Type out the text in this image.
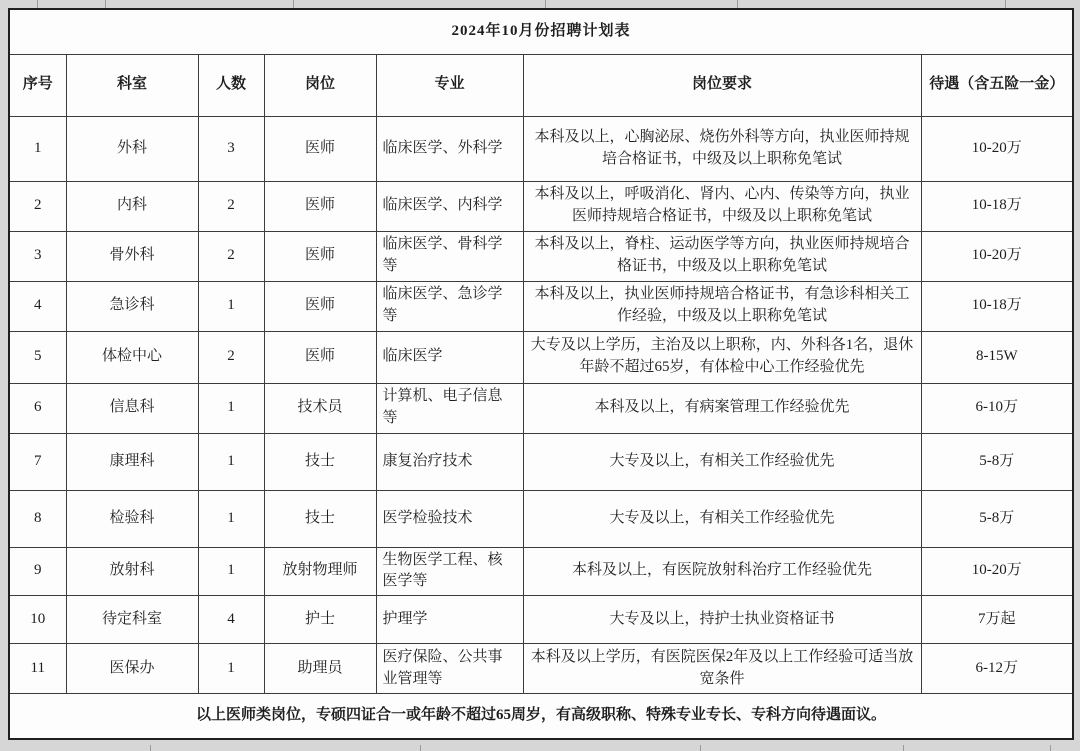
2024年10月份招聘计划表						
序号	科室	人数	岗位	专业	岗位要求	待遇（含五险一金）
1	外科	3	医师	临床医学、外科学	本科及以上，心胸泌尿、烧伤外科等方向，执业医师持规培合格证书，中级及以上职称免笔试	10-20万
2	内科	2	医师	临床医学、内科学	本科及以上，呼吸消化、肾内、心内、传染等方向，执业医师持规培合格证书，中级及以上职称免笔试	10-18万
3	骨外科	2	医师	临床医学、骨科学等	本科及以上，脊柱、运动医学等方向，执业医师持规培合格证书，中级及以上职称免笔试	10-20万
4	急诊科	1	医师	临床医学、急诊学等	本科及以上，执业医师持规培合格证书，有急诊科相关工作经验，中级及以上职称免笔试	10-18万
5	体检中心	2	医师	临床医学	大专及以上学历，主治及以上职称，内、外科各1名，退休年龄不超过65岁，有体检中心工作经验优先	8-15W
6	信息科	1	技术员	计算机、电子信息等	本科及以上，有病案管理工作经验优先	6-10万
7	康理科	1	技士	康复治疗技术	大专及以上，有相关工作经验优先	5-8万
8	检验科	1	技士	医学检验技术	大专及以上，有相关工作经验优先	5-8万
9	放射科	1	放射物理师	生物医学工程、核医学等	本科及以上，有医院放射科治疗工作经验优先	10-20万
10	待定科室	4	护士	护理学	大专及以上，持护士执业资格证书	7万起
11	医保办	1	助理员	医疗保险、公共事业管理等	本科及以上学历，有医院医保2年及以上工作经验可适当放宽条件	6-12万
以上医师类岗位，专硕四证合一或年龄不超过65周岁，有高级职称、特殊专业专长、专科方向待遇面议。						
